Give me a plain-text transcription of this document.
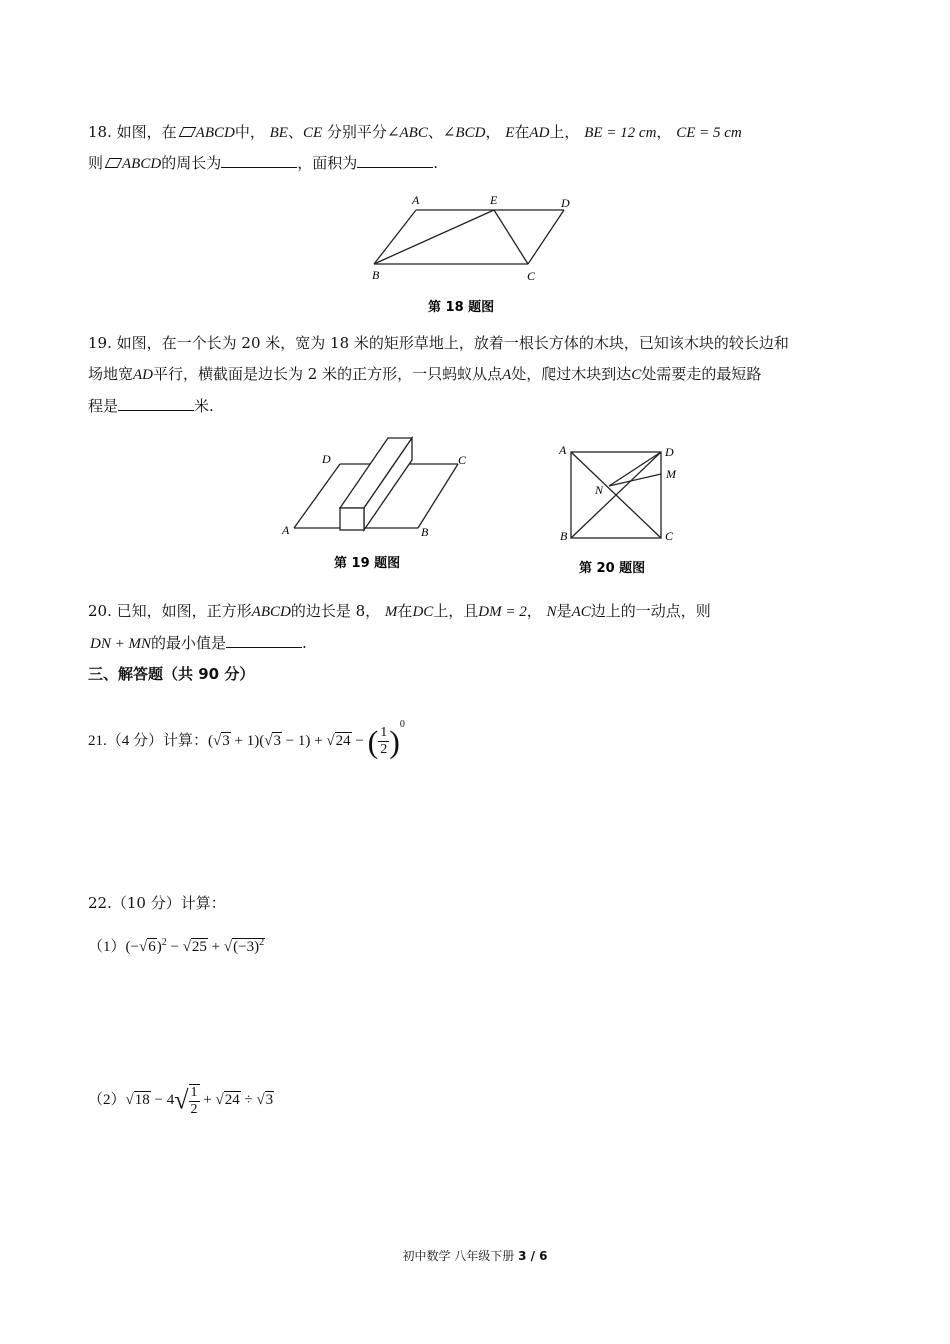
18. 如图，在 ABCD中， BE、CE 分别平分∠ABC、∠BCD， E在AD上， BE = 12 cm， CE = 5 cm
则 ABCD的周长为	，面积为	.
A	E	D
B	C
第 18 题图
19. 如图，在一个长为 20 米，宽为 18 米的矩形草地上，放着一根长方体的木块，已知该木块的较长边和
场地宽AD平行，横截面是边长为 2 米的正方形，一只蚂蚁从点A处，爬过木块到达C处需要走的最短路
程是	米.
D	C
A	B
第 19 题图
A	D
M
N
B	C
第 20 题图
20. 已知，如图，正方形ABCD的边长是 8， M在DC上，且DM = 2， N是AC边上的一动点，则
DN + MN的最小值是	.
三、解答题（共 90 分）
21.（4 分）计算：(√3 + 1)(√3 − 1) + √24 − ( $\frac{1}{2} )^0$
22.（10 分）计算：
$(1)(-√6)^2 - √25 + √(-3)^2$
$(2)√18 - 4√ \frac{1}{2} + √24 \div √3$
初中数学 八年级下册 3 / 6
